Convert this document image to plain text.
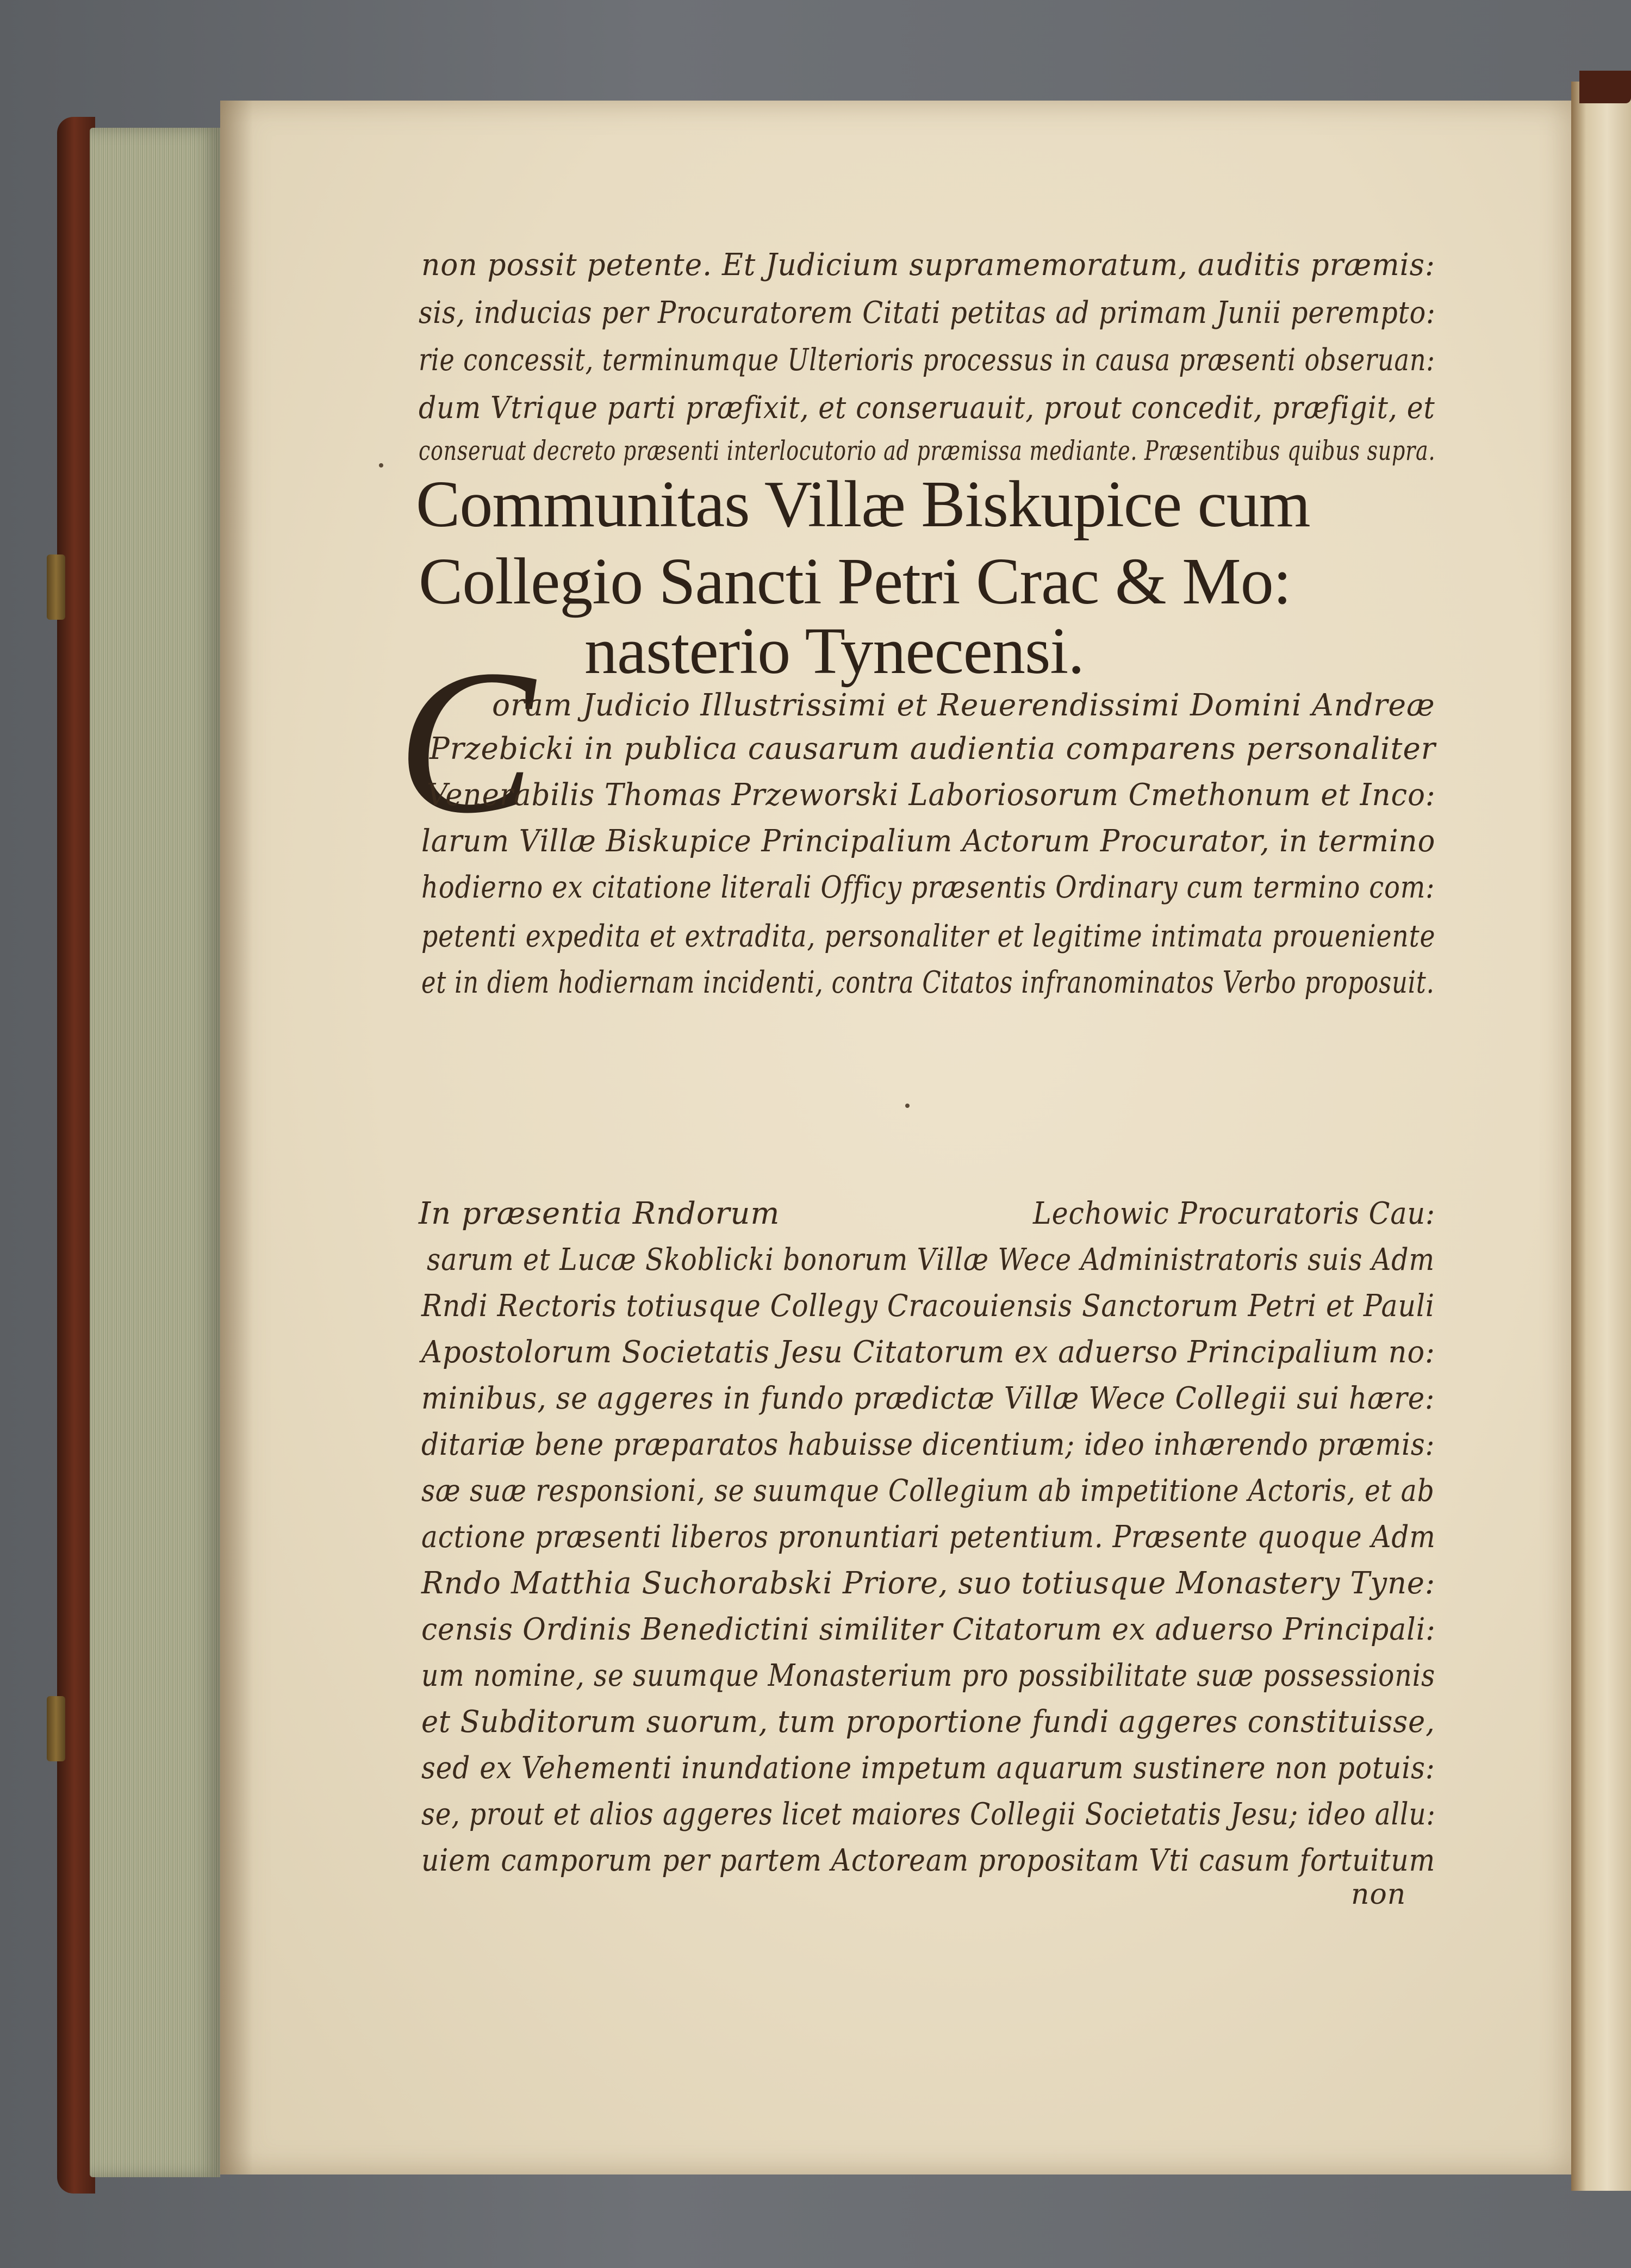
non possit petente. Et Judicium supramemoratum, auditis præmis:
sis, inducias per Procuratorem Citati petitas ad primam Junii perempto:
rie concessit, terminumque Ulterioris processus in causa præsenti obseruan:
dum Vtrique parti præfixit, et conseruauit, prout concedit, præfigit, et
conseruat decreto præsenti interlocutorio ad præmissa mediante. Præsentibus quibus supra.
Communitas Villæ Biskupice cum
Collegio Sancti Petri Crac & Mo:
nasterio Tynecensi.
C
oram Judicio Illustrissimi et Reuerendissimi Domini Andreæ
Przebicki in publica causarum audientia comparens personaliter
Venerabilis Thomas Przeworski Laboriosorum Cmethonum et Inco:
larum Villæ Biskupice Principalium Actorum Procurator, in termino
hodierno ex citatione literali Officy præsentis Ordinary cum termino com:
petenti expedita et extradita, personaliter et legitime intimata proueniente
et in diem hodiernam incidenti, contra Citatos infranominatos Verbo proposuit.
In præsentia Rndorum	Lechowic Procuratoris Cau:
sarum et Lucæ Skoblicki bonorum Villæ Wece Administratoris suis Adm
Rndi Rectoris totiusque Collegy Cracouiensis Sanctorum Petri et Pauli
Apostolorum Societatis Jesu Citatorum ex aduerso Principalium no:
minibus, se aggeres in fundo prædictæ Villæ Wece Collegii sui hære:
ditariæ bene præparatos habuisse dicentium; ideo inhærendo præmis:
sæ suæ responsioni, se suumque Collegium ab impetitione Actoris, et ab
actione præsenti liberos pronuntiari petentium. Præsente quoque Adm
Rndo Matthia Suchorabski Priore, suo totiusque Monastery Tyne:
censis Ordinis Benedictini similiter Citatorum ex aduerso Principali:
um nomine, se suumque Monasterium pro possibilitate suæ possessionis
et Subditorum suorum, tum proportione fundi aggeres constituisse,
sed ex Vehementi inundatione impetum aquarum sustinere non potuis:
se, prout et alios aggeres licet maiores Collegii Societatis Jesu; ideo allu:
uiem camporum per partem Actoream propositam Vti casum fortuitum
non
